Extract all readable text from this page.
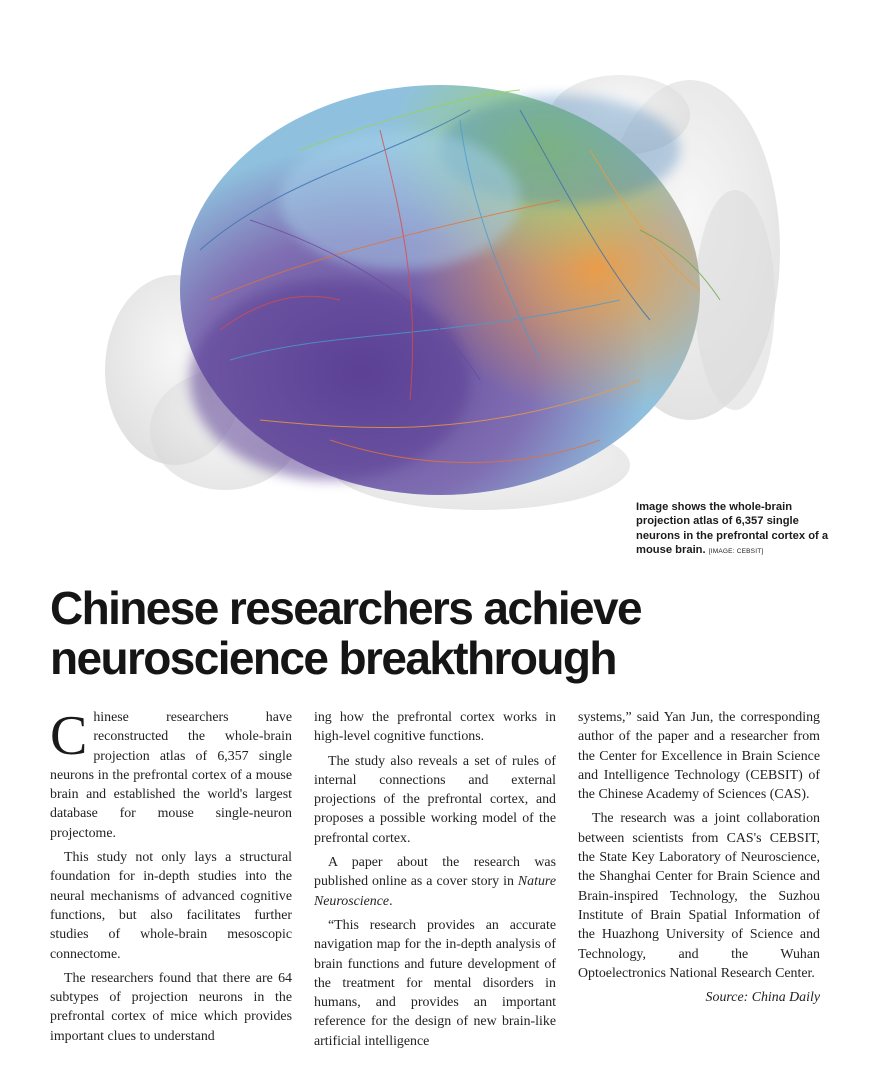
Image shows the whole-brain projection atlas of 6,357 single neurons in the prefrontal cortex of a mouse brain. [IMAGE: CEBSIT]
Chinese researchers achieve neuroscience breakthrough

Chinese researchers have reconstructed the whole-brain projection atlas of 6,357 single neurons in the prefrontal cortex of a mouse brain and established the world's largest database for mouse single-neuron projectome.

This study not only lays a structural foundation for in-depth studies into the neural mechanisms of advanced cognitive functions, but also facilitates further studies of whole-brain mesoscopic connectome.

The researchers found that there are 64 subtypes of projection neurons in the prefrontal cortex of mice which provides important clues to understand

ing how the prefrontal cortex works in high-level cognitive functions.

The study also reveals a set of rules of internal connections and external projections of the prefrontal cortex, and proposes a possible working model of the prefrontal cortex.

A paper about the research was published online as a cover story in Nature Neuroscience.

“This research provides an accurate navigation map for the in-depth analysis of brain functions and future development of the treatment for mental disorders in humans, and provides an important reference for the design of new brain-like artificial intelligence

systems,” said Yan Jun, the corresponding author of the paper and a researcher from the Center for Excellence in Brain Science and Intelligence Technology (CEBSIT) of the Chinese Academy of Sciences (CAS).

The research was a joint collaboration between scientists from CAS's CEBSIT, the State Key Laboratory of Neuroscience, the Shanghai Center for Brain Science and Brain-inspired Technology, the Suzhou Institute of Brain Spatial Information of the Huazhong University of Science and Technology, and the Wuhan Optoelectronics National Research Center.

Source: China Daily
